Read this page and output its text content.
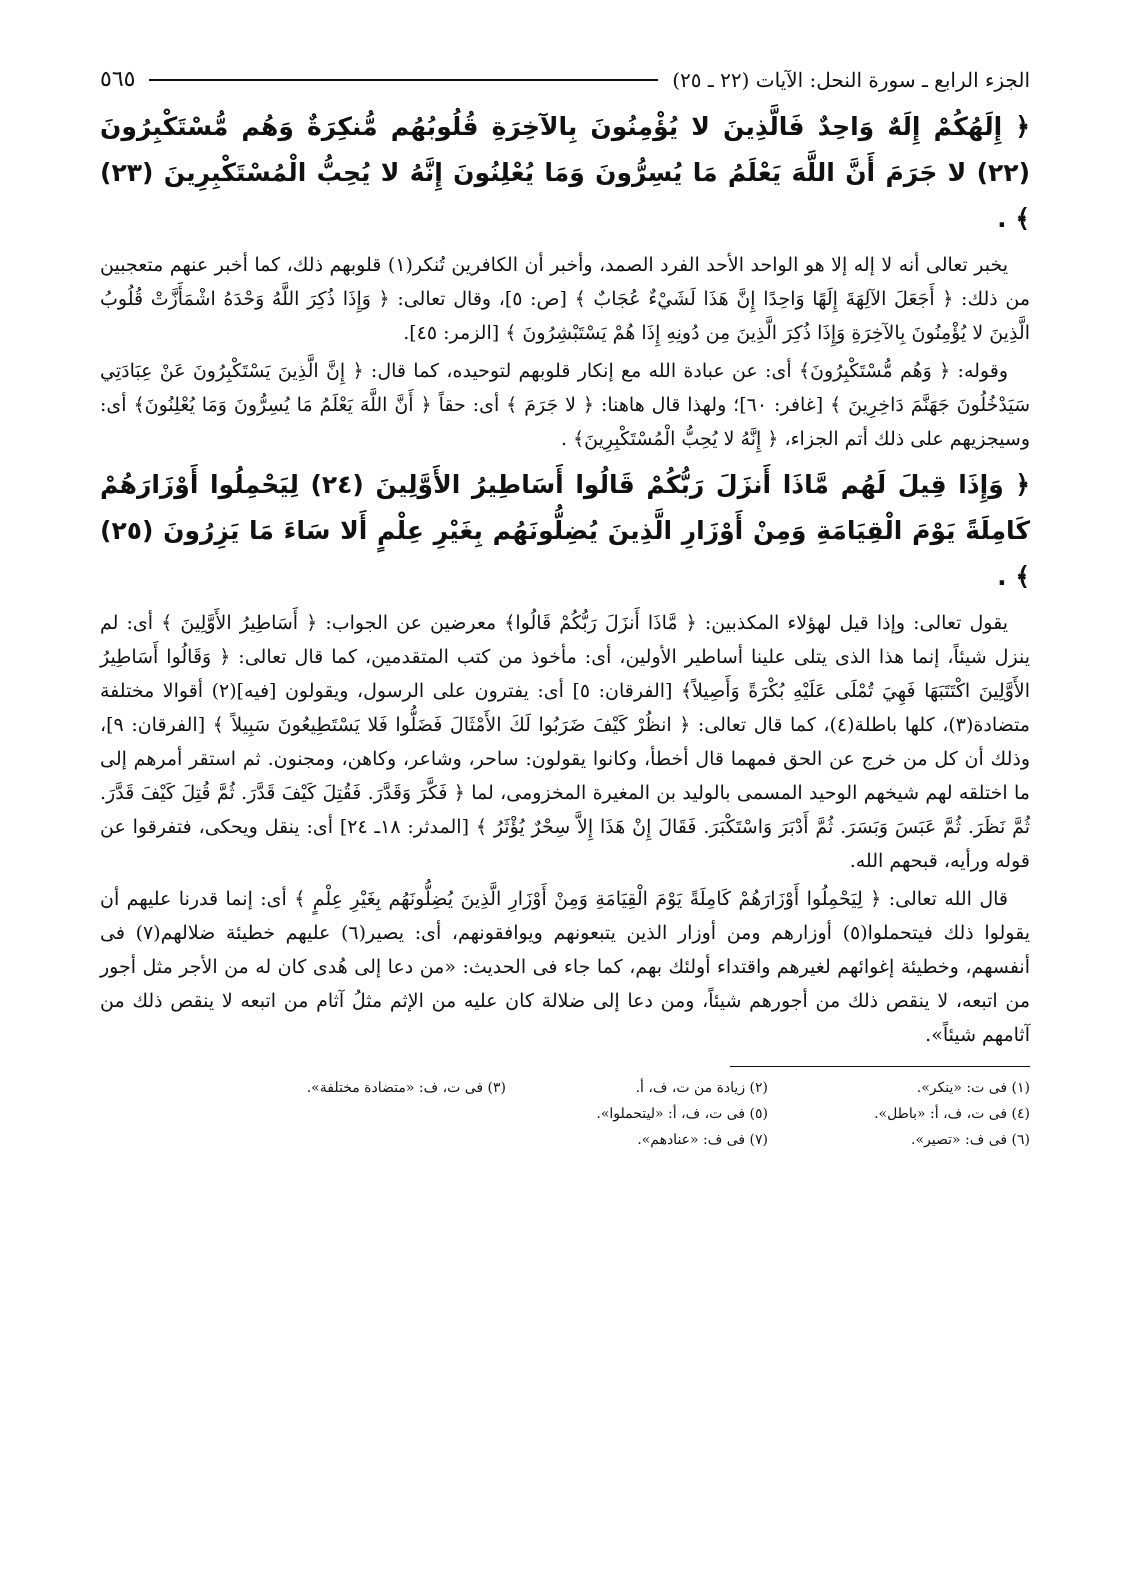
الجزء الرابع ـ سورة النحل: الآيات (٢٢ ـ ٢٥)
٥٦٥
﴿ إِلَهُكُمْ إِلَهٌ وَاحِدٌ فَالَّذِينَ لا يُؤْمِنُونَ بِالآخِرَةِ قُلُوبُهُم مُّنكِرَةٌ وَهُم مُّسْتَكْبِرُونَ (٢٢) لا جَرَمَ أَنَّ اللَّهَ يَعْلَمُ مَا يُسِرُّونَ وَمَا يُعْلِنُونَ إِنَّهُ لا يُحِبُّ الْمُسْتَكْبِرِينَ (٢٣) ﴾ .

يخبر تعالى أنه لا إله إلا هو الواحد الأحد الفرد الصمد، وأخبر أن الكافرين تُنكر(١) قلوبهم ذلك، كما أخبر عنهم متعجبين من ذلك: ﴿ أَجَعَلَ الآلِهَةَ إِلَهًا وَاحِدًا إِنَّ هَذَا لَشَيْءٌ عُجَابٌ ﴾ [ص: ٥]، وقال تعالى: ﴿ وَإِذَا ذُكِرَ اللَّهُ وَحْدَهُ اشْمَأَزَّتْ قُلُوبُ الَّذِينَ لا يُؤْمِنُونَ بِالآخِرَةِ وَإِذَا ذُكِرَ الَّذِينَ مِن دُونِهِ إِذَا هُمْ يَسْتَبْشِرُونَ ﴾ [الزمر: ٤٥].

وقوله: ﴿ وَهُم مُّسْتَكْبِرُونَ﴾ أى: عن عبادة الله مع إنكار قلوبهم لتوحيده، كما قال: ﴿ إِنَّ الَّذِينَ يَسْتَكْبِرُونَ عَنْ عِبَادَتِي سَيَدْخُلُونَ جَهَنَّمَ دَاخِرِينَ ﴾ [غافر: ٦٠]؛ ولهذا قال هاهنا: ﴿ لا جَرَمَ ﴾ أى: حقاً ﴿ أَنَّ اللَّهَ يَعْلَمُ مَا يُسِرُّونَ وَمَا يُعْلِنُونَ﴾ أى: وسيجزيهم على ذلك أتم الجزاء، ﴿ إِنَّهُ لا يُحِبُّ الْمُسْتَكْبِرِينَ﴾ .

﴿ وَإِذَا قِيلَ لَهُم مَّاذَا أَنزَلَ رَبُّكُمْ قَالُوا أَسَاطِيرُ الأَوَّلِينَ (٢٤) لِيَحْمِلُوا أَوْزَارَهُمْ كَامِلَةً يَوْمَ الْقِيَامَةِ وَمِنْ أَوْزَارِ الَّذِينَ يُضِلُّونَهُم بِغَيْرِ عِلْمٍ أَلا سَاءَ مَا يَزِرُونَ (٢٥) ﴾ .

يقول تعالى: وإذا قيل لهؤلاء المكذبين: ﴿ مَّاذَا أَنزَلَ رَبُّكُمْ قَالُوا﴾ معرضين عن الجواب: ﴿ أَسَاطِيرُ الأَوَّلِينَ ﴾ أى: لم ينزل شيئاً، إنما هذا الذى يتلى علينا أساطير الأولين، أى: مأخوذ من كتب المتقدمين، كما قال تعالى: ﴿ وَقَالُوا أَسَاطِيرُ الأَوَّلِينَ اكْتَتَبَهَا فَهِيَ تُمْلَى عَلَيْهِ بُكْرَةً وَأَصِيلاً﴾ [الفرقان: ٥] أى: يفترون على الرسول، ويقولون [فيه](٢) أقوالا مختلفة متضادة(٣)، كلها باطلة(٤)، كما قال تعالى: ﴿ انظُرْ كَيْفَ ضَرَبُوا لَكَ الأَمْثَالَ فَضَلُّوا فَلا يَسْتَطِيعُونَ سَبِيلاً ﴾ [الفرقان: ٩]، وذلك أن كل من خرج عن الحق فمهما قال أخطأ، وكانوا يقولون: ساحر، وشاعر، وكاهن، ومجنون. ثم استقر أمرهم إلى ما اختلقه لهم شيخهم الوحيد المسمى بالوليد بن المغيرة المخزومى، لما ﴿ فَكَّرَ وَقَدَّرَ. فَقُتِلَ كَيْفَ قَدَّرَ. ثُمَّ قُتِلَ كَيْفَ قَدَّرَ. ثُمَّ نَظَرَ. ثُمَّ عَبَسَ وَبَسَرَ. ثُمَّ أَدْبَرَ وَاسْتَكْبَرَ. فَقَالَ إِنْ هَذَا إِلاَّ سِحْرٌ يُؤْثَرُ ﴾ [المدثر: ١٨ـ ٢٤] أى: ينقل ويحكى، فتفرقوا عن قوله ورأيه، قبحهم الله.

قال الله تعالى: ﴿ لِيَحْمِلُوا أَوْزَارَهُمْ كَامِلَةً يَوْمَ الْقِيَامَةِ وَمِنْ أَوْزَارِ الَّذِينَ يُضِلُّونَهُم بِغَيْرِ عِلْمٍ ﴾ أى: إنما قدرنا عليهم أن يقولوا ذلك فيتحملوا(٥) أوزارهم ومن أوزار الذين يتبعونهم ويوافقونهم، أى: يصير(٦) عليهم خطيئة ضلالهم(٧) فى أنفسهم، وخطيئة إغوائهم لغيرهم واقتداء أولئك بهم، كما جاء فى الحديث: «من دعا إلى هُدى كان له من الأجر مثل أجور من اتبعه، لا ينقص ذلك من أجورهم شيئاً، ومن دعا إلى ضلالة كان عليه من الإثم مثلُ آثام من اتبعه لا ينقص ذلك من آثامهم شيئاً».

(١) فى ت: «ينكر».
(٢) زيادة من ت، ف، أ.
(٣) فى ت، ف: «متضادة مختلفة».
(٤) فى ت، ف، أ: «باطل».
(٥) فى ت، ف، أ: «ليتحملوا».
(٦) فى ف: «تصير».
(٧) فى ف: «عنادهم».
